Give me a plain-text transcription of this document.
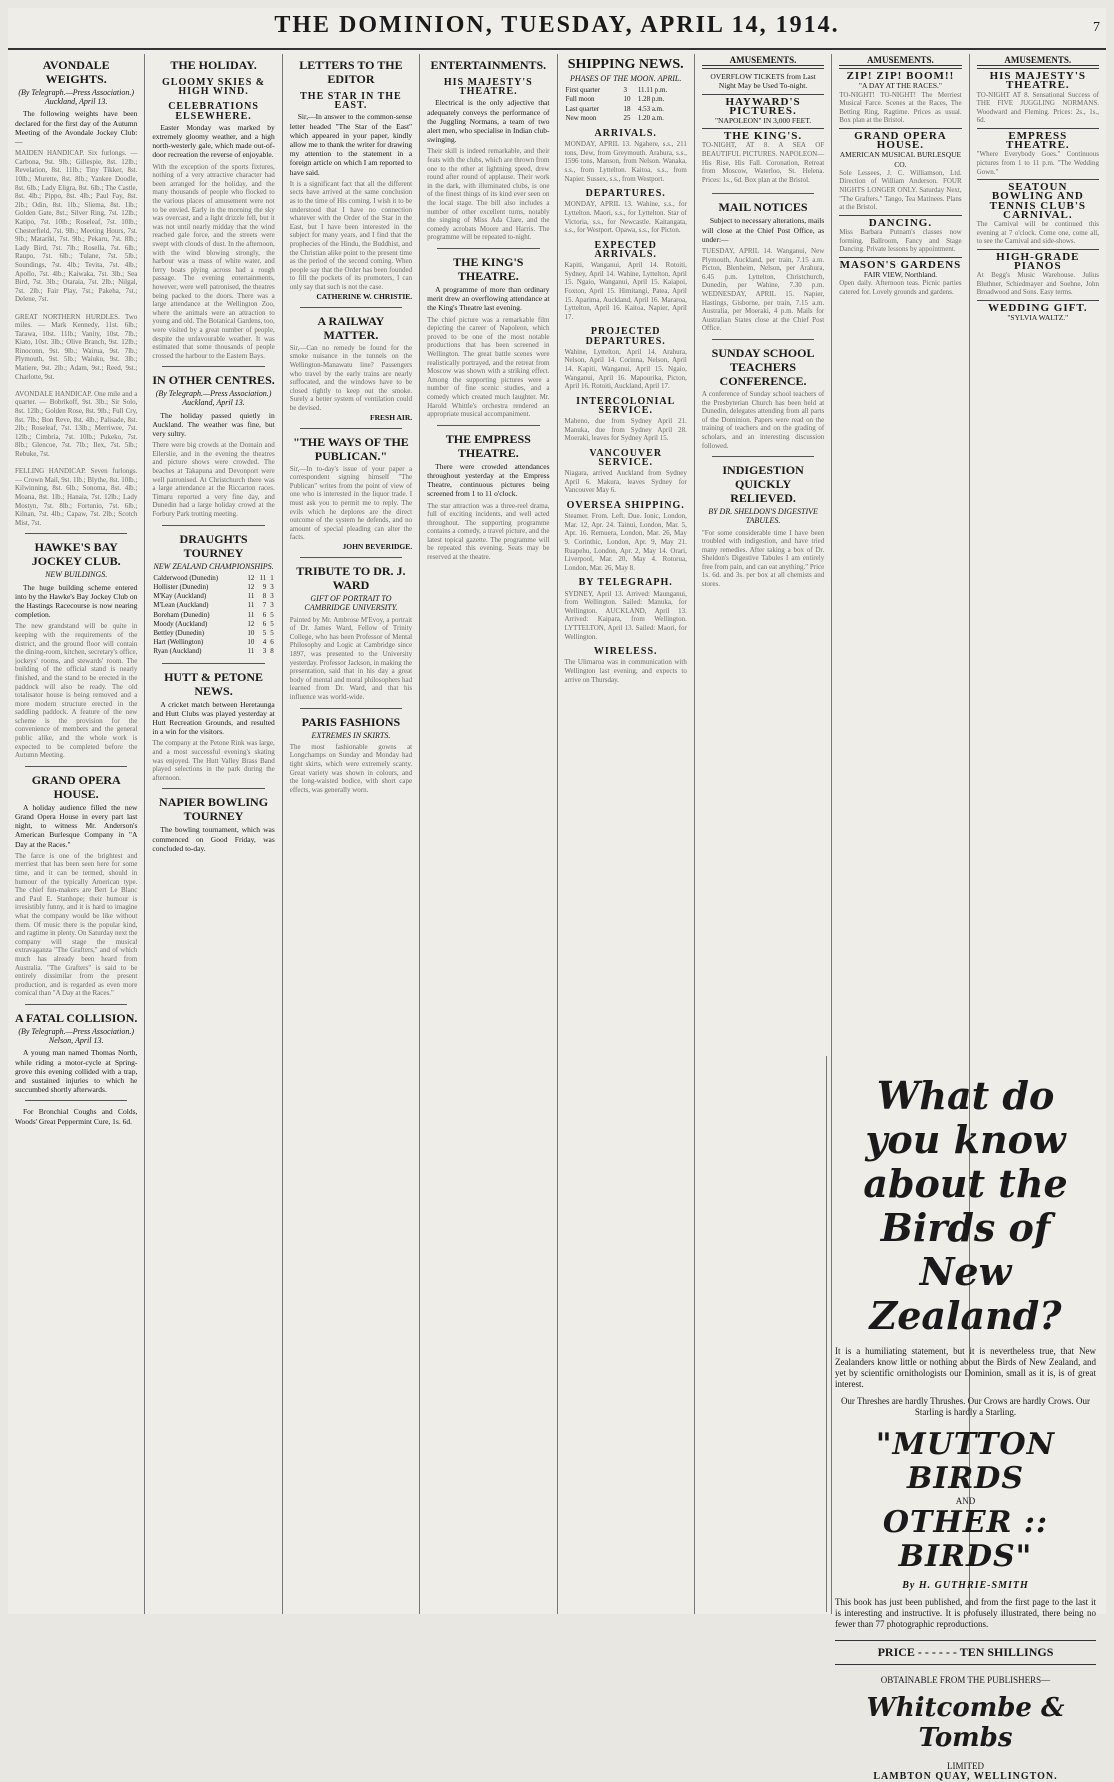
THE DOMINION, TUESDAY, APRIL 14, 1914.	7
AVONDALE WEIGHTS.
(By Telegraph.—Press Association.) Auckland, April 13.

The following weights have been declared for the first day of the Autumn Meeting of the Avondale Jockey Club:—

MAIDEN HANDICAP. Six furlongs. — Carbona, 9st. 9lb.; Gillespie, 8st. 12lb.; Revelation, 8st. 11lb.; Tiny Tikker, 8st. 10lb.; Murette, 8st. 8lb.; Yankee Doodle, 8st. 6lb.; Lady Eligra, 8st. 6lb.; The Castle, 8st. 4lb.; Pippo, 8st. 4lb.; Paul Fay, 8st. 2lb.; Odin, 8st. 1lb.; Sliema, 8st. 1lb.; Golden Gate, 8st.; Silver Ring, 7st. 12lb.; Katipo, 7st. 10lb.; Roseleaf, 7st. 10lb.; Chesterfield, 7st. 9lb.; Meeting Hours, 7st. 9lb.; Matariki, 7st. 9lb.; Pekaru, 7st. 8lb.; Lady Bird, 7st. 7lb.; Rosella, 7st. 6lb.; Raupo, 7st. 6lb.; Tulane, 7st. 5lb.; Soundings, 7st. 4lb.; Tevita, 7st. 4lb.; Apollo, 7st. 4lb.; Kaiwaka, 7st. 3lb.; Sea Bird, 7st. 3lb.; Otaraia, 7st. 2lb.; Nilgal, 7st. 2lb.; Fair Play, 7st.; Pakeha, 7st.; Delene, 7st.

GREAT NORTHERN HURDLES. Two miles. — Mark Kennedy, 11st. 6lb.; Tarawa, 10st. 11lb.; Vanity, 10st. 7lb.; Kiato, 10st. 3lb.; Olive Branch, 9st. 12lb.; Rinoconn, 9st. 9lb.; Wairua, 9st. 7lb.; Plymouth, 9st. 5lb.; Waiuku, 9st. 3lb.; Matiere, 9st. 2lb.; Adam, 9st.; Reed, 9st.; Charlotte, 9st.

AVONDALE HANDICAP. One mile and a quarter. — Bobrikoff, 9st. 3lb.; Sir Solo, 8st. 12lb.; Golden Rose, 8st. 9lb.; Full Cry, 8st. 7lb.; Bon Reve, 8st. 4lb.; Palisade, 8st. 2lb.; Roseleaf, 7st. 13lb.; Merriwee, 7st. 12lb.; Cimbria, 7st. 10lb.; Pukeko, 7st. 8lb.; Glencoe, 7st. 7lb.; Ilex, 7st. 5lb.; Rebuke, 7st.

FELLING HANDICAP. Seven furlongs. — Crown Mail, 9st. 1lb.; Blythe, 8st. 10lb.; Kilwinning, 8st. 6lb.; Sonoma, 8st. 4lb.; Moana, 8st. 1lb.; Hanaia, 7st. 12lb.; Lady Mostyn, 7st. 8lb.; Fortunio, 7st. 6lb.; Kilnan, 7st. 4lb.; Capaw, 7st. 2lb.; Scotch Mist, 7st.
HAWKE'S BAY JOCKEY CLUB.
NEW BUILDINGS.

The huge building scheme entered into by the Hawke's Bay Jockey Club on the Hastings Racecourse is now nearing completion.

The new grandstand will be quite in keeping with the requirements of the district, and the ground floor will contain the dining-room, kitchen, secretary's office, jockeys' rooms, and stewards' room. The building of the official stand is nearly finished, and the stand to be erected in the paddock will also be ready. The old totalisator house is being removed and a more modern structure erected in the saddling paddock. A feature of the new scheme is the provision for the convenience of members and the general public alike, and the whole work is expected to be completed before the Autumn Meeting.
GRAND OPERA HOUSE.

A holiday audience filled the new Grand Opera House in every part last night, to witness Mr. Anderson's American Burlesque Company in "A Day at the Races."

The farce is one of the brightest and merriest that has been seen here for some time, and it can be termed, should in humour of the typically American type. The chief fun-makers are Bert Le Blanc and Paul E. Stanhope; their humour is irresistibly funny, and it is hard to imagine what the company would be like without them. Of music there is the popular kind, and ragtime in plenty. On Saturday next the company will stage the musical extravaganza "The Grafters," and of which much has already been heard from Australia. "The Grafters" is said to be entirely dissimilar from the present production, and is regarded as even more comical than "A Day at the Races."
A FATAL COLLISION.
(By Telegraph.—Press Association.) Nelson, April 13.

A young man named Thomas North, while riding a motor-cycle at Spring-grove this evening collided with a trap, and sustained injuries to which he succumbed shortly afterwards.

For Bronchial Coughs and Colds, Woods' Great Peppermint Cure, 1s. 6d.

THE HOLIDAY.
GLOOMY SKIES & HIGH WIND.
CELEBRATIONS ELSEWHERE.

Easter Monday was marked by extremely gloomy weather, and a high north-westerly gale, which made out-of-door recreation the reverse of enjoyable.

With the exception of the sports fixtures, nothing of a very attractive character had been arranged for the holiday, and the many thousands of people who flocked to the various places of amusement were not to be envied. Early in the morning the sky was overcast, and a light drizzle fell, but it was not until nearly midday that the wind reached gale force, and the streets were swept with clouds of dust. In the afternoon, with the wind blowing strongly, the harbour was a mass of white water, and ferry boats plying across had a rough passage. The evening entertainments, however, were well patronised, the theatres being packed to the doors. There was a large attendance at the Wellington Zoo, where the animals were an attraction to young and old. The Botanical Gardens, too, were visited by a great number of people, despite the unfavourable weather. It was estimated that some thousands of people crossed the harbour to the Eastern Bays.
IN OTHER CENTRES.
(By Telegraph.—Press Association.) Auckland, April 13.

The holiday passed quietly in Auckland. The weather was fine, but very sultry.

There were big crowds at the Domain and Ellerslie, and in the evening the theatres and picture shows were crowded. The beaches at Takapuna and Devonport were well patronised. At Christchurch there was a large attendance at the Riccarton races. Timaru reported a very fine day, and Dunedin had a large holiday crowd at the Forbury Park trotting meeting.
DRAUGHTS TOURNEY
NEW ZEALAND CHAMPIONSHIPS.
Calderwood (Dunedin)	12	11	1
Hollister (Dunedin)	12	9	3
M'Kay (Auckland)	11	8	3
M'Lean (Auckland)	11	7	3
Boreham (Dunedin)	11	6	5
Moody (Auckland)	12	6	5
Bettley (Dunedin)	10	5	5
Hart (Wellington)	10	4	6
Ryan (Auckland)	11	3	8
HUTT & PETONE NEWS.

A cricket match between Heretaunga and Hutt Clubs was played yesterday at Hutt Recreation Grounds, and resulted in a win for the visitors.

The company at the Petone Rink was large, and a most successful evening's skating was enjoyed. The Hutt Valley Brass Band played selections in the park during the afternoon.
NAPIER BOWLING TOURNEY

The bowling tournament, which was commenced on Good Friday, was concluded to-day.

LETTERS TO THE EDITOR
THE STAR IN THE EAST.

Sir,—In answer to the common-sense letter headed "The Star of the East" which appeared in your paper, kindly allow me to thank the writer for drawing my attention to the statement in a foreign article on which I am reported to have said.

It is a significant fact that all the different sects have arrived at the same conclusion as to the time of His coming. I wish it to be understood that I have no connection whatever with the Order of the Star in the East, but I have been interested in the subject for many years, and I find that the prophecies of the Hindu, the Buddhist, and the Christian alike point to the present time as the period of the second coming. When people say that the Order has been founded to fill the pockets of its promoters, I can only say that such is not the case.

CATHERINE W. CHRISTIE.

A RAILWAY MATTER.
Sir,—Can no remedy be found for the smoke nuisance in the tunnels on the Wellington-Manawatu line? Passengers who travel by the early trains are nearly suffocated, and the windows have to be closed tightly to keep out the smoke. Surely a better system of ventilation could be devised.

FRESH AIR.

"THE WAYS OF THE PUBLICAN."
Sir,—In to-day's issue of your paper a correspondent signing himself "The Publican" writes from the point of view of one who is interested in the liquor trade. I must ask you to permit me to reply. The evils which he deplores are the direct outcome of the system he defends, and no amount of special pleading can alter the facts.

JOHN BEVERIDGE.

TRIBUTE TO DR. J. WARD
GIFT OF PORTRAIT TO CAMBRIDGE UNIVERSITY.
Painted by Mr. Ambrose M'Evoy, a portrait of Dr. James Ward, Fellow of Trinity College, who has been Professor of Mental Philosophy and Logic at Cambridge since 1897, was presented to the University yesterday. Professor Jackson, in making the presentation, said that in his day a great body of mental and moral philosophers had learned from Dr. Ward, and that his influence was world-wide.
PARIS FASHIONS
EXTREMES IN SKIRTS.
The most fashionable gowns at Longchamps on Sunday and Monday had tight skirts, which were extremely scanty. Great variety was shown in colours, and the long-waisted bodice, with short cape effects, was generally worn.
ENTERTAINMENTS.
HIS MAJESTY'S THEATRE.

Electrical is the only adjective that adequately conveys the performance of the Juggling Normans, a team of two alert men, who specialise in Indian club-swinging.

Their skill is indeed remarkable, and their feats with the clubs, which are thrown from one to the other at lightning speed, drew round after round of applause. Their work in the dark, with illuminated clubs, is one of the finest things of its kind ever seen on the local stage. The bill also includes a number of other excellent turns, notably the singing of Miss Ada Clare, and the comedy acrobats Moore and Harris. The programme will be repeated to-night.
THE KING'S THEATRE.

A programme of more than ordinary merit drew an overflowing attendance at the King's Theatre last evening.

The chief picture was a remarkable film depicting the career of Napoleon, which proved to be one of the most notable productions that has been screened in Wellington. The great battle scenes were realistically portrayed, and the retreat from Moscow was shown with a striking effect. Among the supporting pictures were a number of fine scenic studies, and a comedy which created much laughter. Mr. Harold Whittle's orchestra rendered an appropriate musical accompaniment.
THE EMPRESS THEATRE.

There were crowded attendances throughout yesterday at the Empress Theatre, continuous pictures being screened from 1 to 11 o'clock.

The star attraction was a three-reel drama, full of exciting incidents, and well acted throughout. The supporting programme contains a comedy, a travel picture, and the latest topical gazette. The programme will be repeated this evening. Seats may be reserved at the theatre.
SHIPPING NEWS.
PHASES OF THE MOON. APRIL.
First quarter	3	11.11 p.m.
Full moon	10	1.28 p.m.
Last quarter	18	4.53 a.m.
New moon	25	1.20 a.m.
ARRIVALS.
MONDAY, APRIL 13. Ngahere, s.s., 211 tons, Dew, from Greymouth. Arahura, s.s., 1596 tons, Manson, from Nelson. Wanaka, s.s., from Lyttelton. Kaitoa, s.s., from Napier. Sussex, s.s., from Westport.
DEPARTURES.
MONDAY, APRIL 13. Wahine, s.s., for Lyttelton. Maori, s.s., for Lyttelton. Star of Victoria, s.s., for Newcastle. Kaitangata, s.s., for Westport. Opawa, s.s., for Picton.
EXPECTED ARRIVALS.
Kapiti, Wanganui, April 14. Rotoiti, Sydney, April 14. Wahine, Lyttelton, April 15. Ngaio, Wanganui, April 15. Kaiapoi, Foxton, April 15. Himitangi, Patea, April 15. Aparima, Auckland, April 16. Mararoa, Lyttelton, April 16. Kaitoa, Napier, April 17.
PROJECTED DEPARTURES.
Wahine, Lyttelton, April 14. Arahura, Nelson, April 14. Corinna, Nelson, April 14. Kapiti, Wanganui, April 15. Ngaio, Wanganui, April 16. Mapourika, Picton, April 16. Rotoiti, Auckland, April 17.
INTERCOLONIAL SERVICE.
Maheno, due from Sydney April 21. Manuka, due from Sydney April 28. Moeraki, leaves for Sydney April 15.
VANCOUVER SERVICE.
Niagara, arrived Auckland from Sydney April 6. Makura, leaves Sydney for Vancouver May 6.
OVERSEA SHIPPING.
Steamer. From. Left. Due. Ionic, London, Mar. 12, Apr. 24. Tainui, London, Mar. 5, Apr. 16. Remuera, London, Mar. 26, May 9. Corinthic, London, Apr. 9, May 21. Ruapehu, London, Apr. 2, May 14. Orari, Liverpool, Mar. 20, May 4. Rotorua, London, Mar. 26, May 8.
BY TELEGRAPH.
SYDNEY, April 13. Arrived: Maunganui, from Wellington. Sailed: Manuka, for Wellington. AUCKLAND, April 13. Arrived: Kaipara, from Wellington. LYTTELTON, April 13. Sailed: Maori, for Wellington.
WIRELESS.
The Ulimaroa was in communication with Wellington last evening, and expects to arrive on Thursday.
AMUSEMENTS.
OVERFLOW TICKETS from Last Night May be Used To-night.
HAYWARD'S PICTURES.
"NAPOLEON" IN 3,000 FEET.
THE KING'S.
TO-NIGHT, AT 8. A SEA OF BEAUTIFUL PICTURES. NAPOLEON—His Rise, His Fall. Coronation, Retreat from Moscow, Waterloo, St. Helena. Prices: 1s., 6d. Box plan at the Bristol.
MAIL NOTICES

Subject to necessary alterations, mails will close at the Chief Post Office, as under:—

TUESDAY, APRIL 14. Wanganui, New Plymouth, Auckland, per train, 7.15 a.m. Picton, Blenheim, Nelson, per Arahura, 6.45 p.m. Lyttelton, Christchurch, Dunedin, per Wahine, 7.30 p.m. WEDNESDAY, APRIL 15. Napier, Hastings, Gisborne, per train, 7.15 a.m. Australia, per Moeraki, 4 p.m. Mails for Australian States close at the Chief Post Office.
SUNDAY SCHOOL TEACHERS CONFERENCE.
A conference of Sunday school teachers of the Presbyterian Church has been held at Dunedin, delegates attending from all parts of the Dominion. Papers were read on the training of teachers and on the grading of scholars, and an interesting discussion followed.
INDIGESTION QUICKLY RELIEVED.
BY DR. SHELDON'S DIGESTIVE TABULES.
"For some considerable time I have been troubled with indigestion, and have tried many remedies. After taking a box of Dr. Sheldon's Digestive Tabules I am entirely free from pain, and can eat anything." Price 1s. 6d. and 3s. per box at all chemists and stores.
AMUSEMENTS.
ZIP! ZIP! BOOM!!
"A DAY AT THE RACES."
TO-NIGHT! TO-NIGHT! The Merriest Musical Farce. Scenes at the Races, The Betting Ring, Ragtime. Prices as usual. Box plan at the Bristol.
GRAND OPERA HOUSE.
AMERICAN MUSICAL BURLESQUE CO.
Sole Lessees, J. C. Williamson, Ltd. Direction of William Anderson. FOUR NIGHTS LONGER ONLY. Saturday Next, "The Grafters." Tango, Tea Matinees. Plans at the Bristol.
DANCING.
Miss Barbara Putnam's classes now forming. Ballroom, Fancy and Stage Dancing. Private lessons by appointment.
MASON'S GARDENS
FAIR VIEW, Northland.
Open daily. Afternoon teas. Picnic parties catered for. Lovely grounds and gardens.
AMUSEMENTS.
HIS MAJESTY'S THEATRE.
TO-NIGHT AT 8. Sensational Success of THE FIVE JUGGLING NORMANS. Woodward and Fleming. Prices: 2s., 1s., 6d.
EMPRESS THEATRE.
"Where Everybody Goes." Continuous pictures from 1 to 11 p.m. "The Wedding Gown."
SEATOUN BOWLING AND TENNIS CLUB'S CARNIVAL.
The Carnival will be continued this evening at 7 o'clock. Come one, come all, to see the Carnival and side-shows.
HIGH-GRADE PIANOS
At Begg's Music Warehouse. Julius Bluthner, Schiedmayer and Soehne, John Broadwood and Sons. Easy terms.
WEDDING GIFT.
"SYLVIA WALTZ."
What do you know about the Birds of New Zealand?
It is a humiliating statement, but it is nevertheless true, that New Zealanders know little or nothing about the Birds of New Zealand, and yet by scientific ornithologists our Dominion, small as it is, is of great interest.
Our Threshes are hardly Thrushes. Our Crows are hardly Crows. Our Starling is hardly a Starling.
"MUTTON BIRDS
AND
OTHER :: BIRDS"
By H. GUTHRIE-SMITH
This book has just been published, and from the first page to the last it is interesting and instructive. It is profusely illustrated, there being no fewer than 77 photographic reproductions.
PRICE - - - - - - TEN SHILLINGS
OBTAINABLE FROM THE PUBLISHERS—
Whitcombe & Tombs
LIMITED
LAMBTON QUAY, WELLINGTON.
